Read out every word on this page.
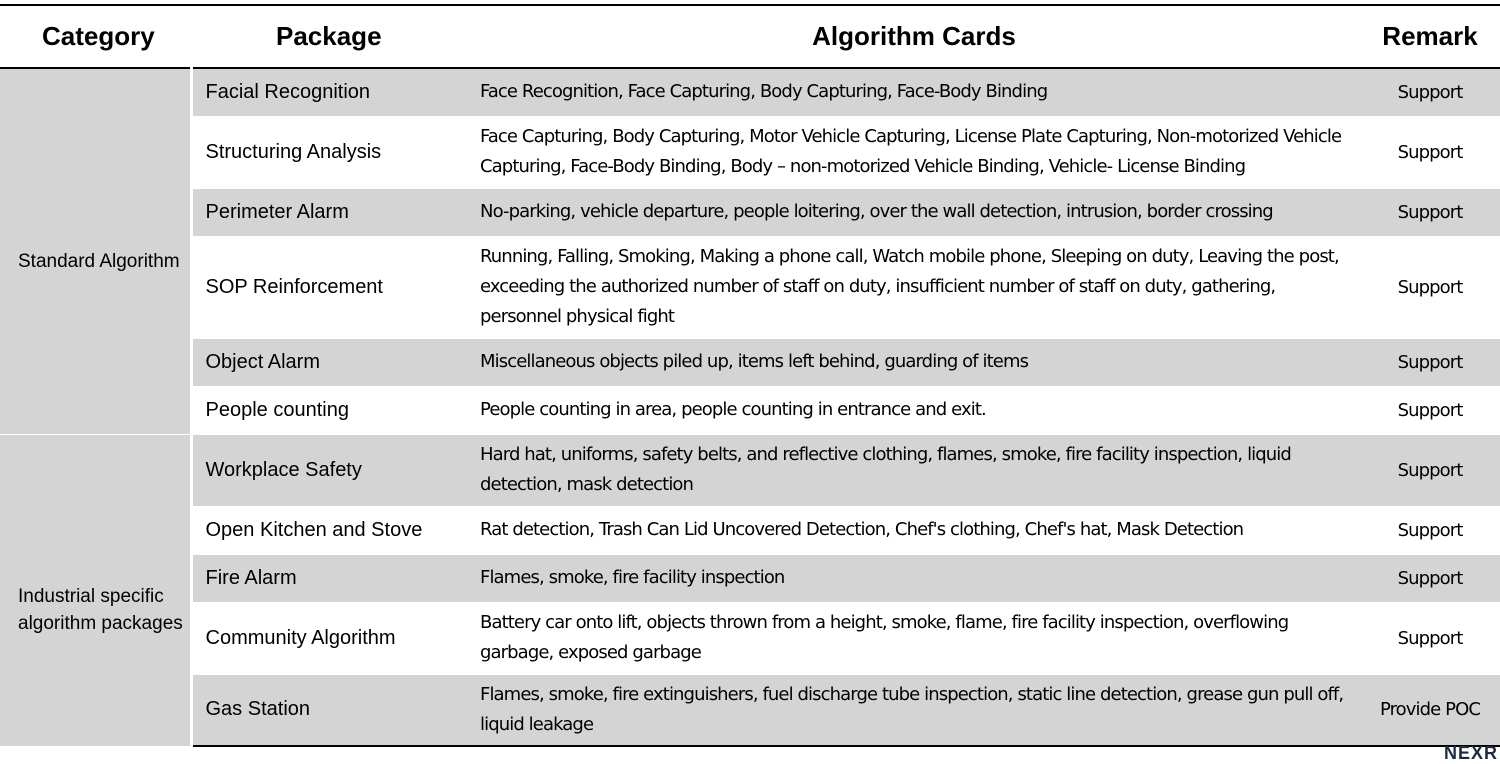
Category	Package	Algorithm Cards	Remark
Standard Algorithm	Facial Recognition	Face Recognition, Face Capturing, Body Capturing, Face-Body Binding	Support
	Structuring Analysis	Face Capturing, Body Capturing, Motor Vehicle Capturing, License Plate Capturing, Non-motorized Vehicle Capturing, Face-Body Binding, Body – non-motorized Vehicle Binding, Vehicle- License Binding	Support
	Perimeter Alarm	No-parking, vehicle departure, people loitering, over the wall detection, intrusion, border crossing	Support
	SOP Reinforcement	Running, Falling, Smoking, Making a phone call, Watch mobile phone, Sleeping on duty, Leaving the post, exceeding the authorized number of staff on duty, insufficient number of staff on duty, gathering, personnel physical fight	Support
	Object Alarm	Miscellaneous objects piled up, items left behind, guarding of items	Support
	People counting	People counting in area, people counting in entrance and exit.	Support
Industrial specific algorithm packages	Workplace Safety	Hard hat, uniforms, safety belts, and reflective clothing, flames, smoke, fire facility inspection, liquid detection, mask detection	Support
	Open Kitchen and Stove	Rat detection, Trash Can Lid Uncovered Detection, Chef's clothing, Chef's hat, Mask Detection	Support
	Fire Alarm	Flames, smoke, fire facility inspection	Support
	Community Algorithm	Battery car onto lift, objects thrown from a height, smoke, flame, fire facility inspection, overflowing garbage, exposed garbage	Support
	Gas Station	Flames, smoke, fire extinguishers, fuel discharge tube inspection, static line detection, grease gun pull off, liquid leakage	Provide POC
NEXR
